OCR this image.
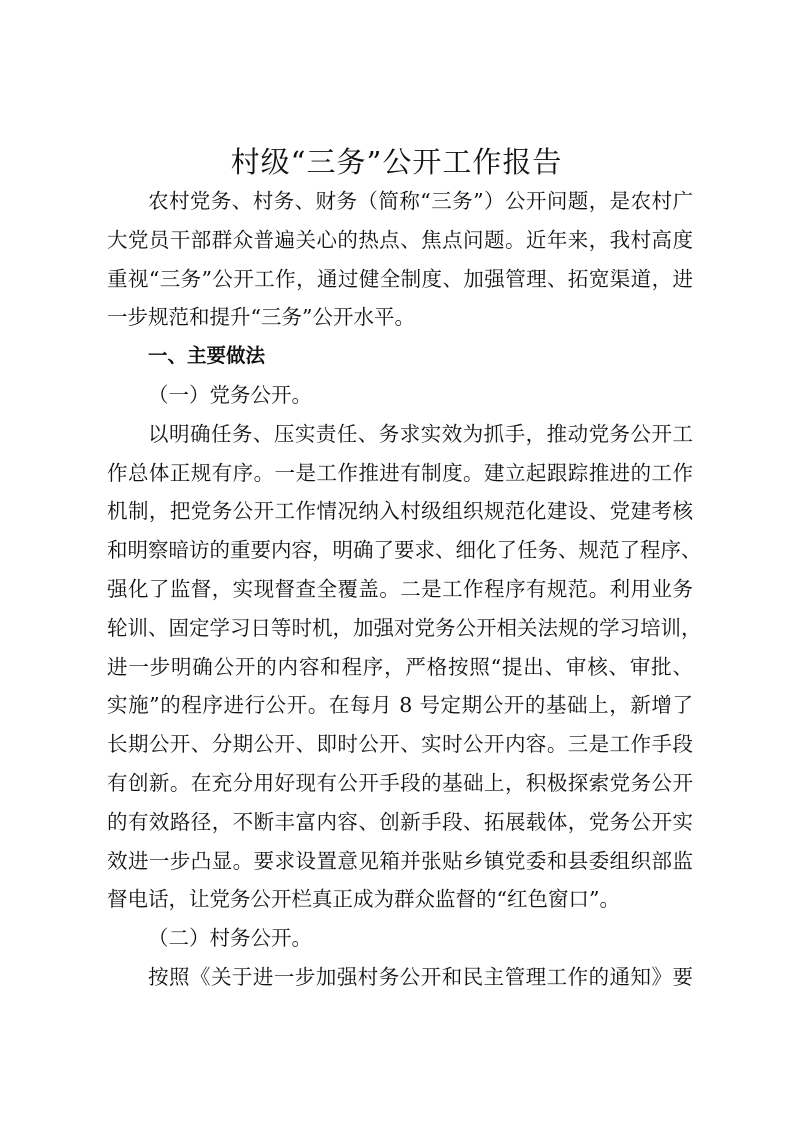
村级“三务”公开工作报告

农村党务、村务、财务（简称“三务”）公开问题，是农村广
大党员干部群众普遍关心的热点、焦点问题。近年来，我村高度
重视“三务”公开工作，通过健全制度、加强管理、拓宽渠道，进
一步规范和提升“三务”公开水平。

一、主要做法

（一）党务公开。

以明确任务、压实责任、务求实效为抓手，推动党务公开工
作总体正规有序。一是工作推进有制度。建立起跟踪推进的工作
机制，把党务公开工作情况纳入村级组织规范化建设、党建考核
和明察暗访的重要内容，明确了要求、细化了任务、规范了程序、
强化了监督，实现督查全覆盖。二是工作程序有规范。利用业务
轮训、固定学习日等时机，加强对党务公开相关法规的学习培训，
进一步明确公开的内容和程序，严格按照“提出、审核、审批、
实施”的程序进行公开。在每月 8 号定期公开的基础上，新增了
长期公开、分期公开、即时公开、实时公开内容。三是工作手段
有创新。在充分用好现有公开手段的基础上，积极探索党务公开
的有效路径，不断丰富内容、创新手段、拓展载体，党务公开实
效进一步凸显。要求设置意见箱并张贴乡镇党委和县委组织部监
督电话，让党务公开栏真正成为群众监督的“红色窗口”。

（二）村务公开。

按照《关于进一步加强村务公开和民主管理工作的通知》要
